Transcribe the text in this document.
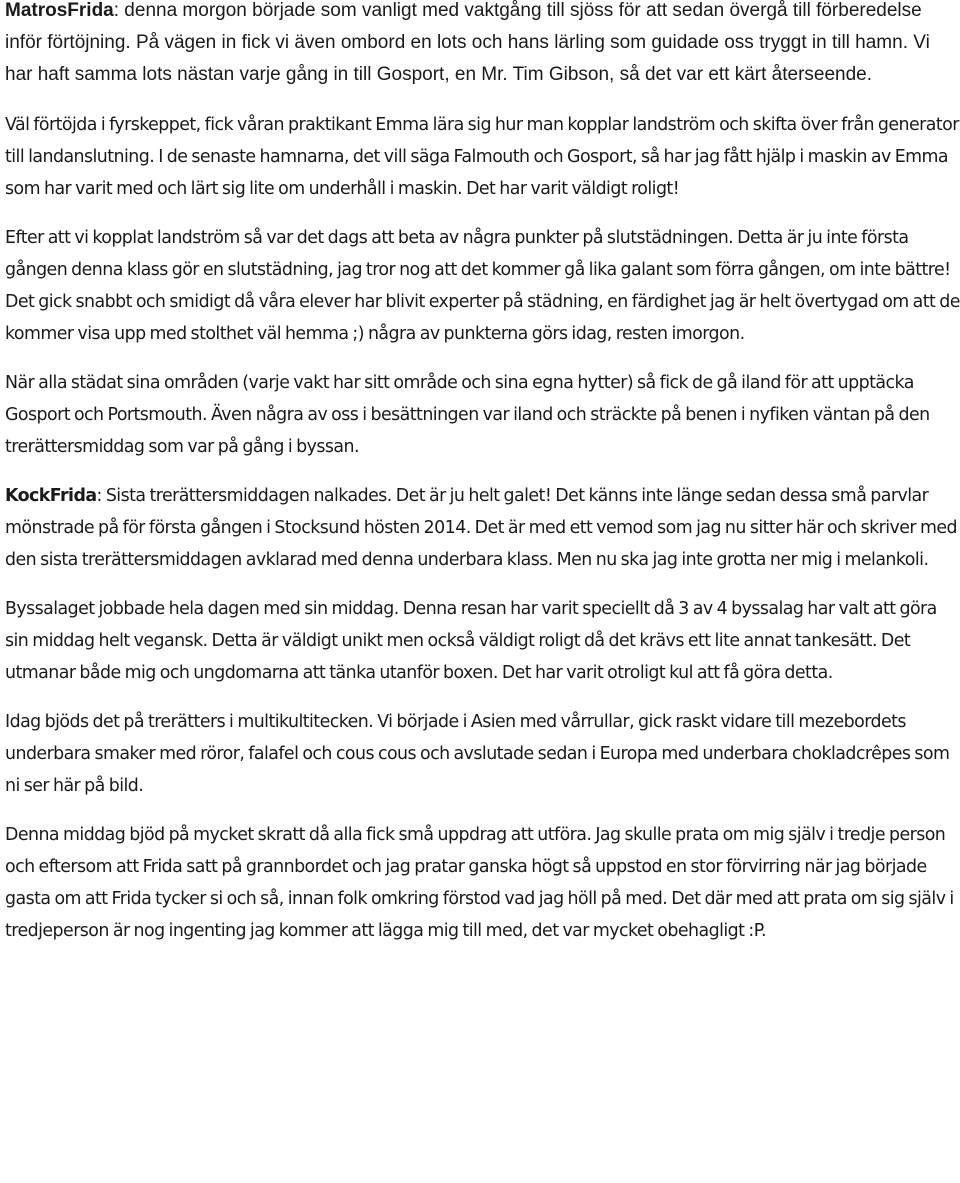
MatrosFrida: denna morgon började som vanligt med vaktgång till sjöss för att sedan övergå till förberedelse inför förtöjning. På vägen in fick vi även ombord en lots och hans lärling som guidade oss tryggt in till hamn. Vi har haft samma lots nästan varje gång in till Gosport, en Mr. Tim Gibson, så det var ett kärt återseende.

Väl förtöjda i fyrskeppet, fick våran praktikant Emma lära sig hur man kopplar landström och skifta över från generator till landanslutning. I de senaste hamnarna, det vill säga Falmouth och Gosport, så har jag fått hjälp i maskin av Emma som har varit med och lärt sig lite om underhåll i maskin. Det har varit väldigt roligt!

Efter att vi kopplat landström så var det dags att beta av några punkter på slutstädningen. Detta är ju inte första gången denna klass gör en slutstädning, jag tror nog att det kommer gå lika galant som förra gången, om inte bättre! Det gick snabbt och smidigt då våra elever har blivit experter på städning, en färdighet jag är helt övertygad om att de kommer visa upp med stolthet väl hemma ;) några av punkterna görs idag, resten imorgon.

När alla städat sina områden (varje vakt har sitt område och sina egna hytter) så fick de gå iland för att upptäcka Gosport och Portsmouth. Även några av oss i besättningen var iland och sträckte på benen i nyfiken väntan på den trerättersmiddag som var på gång i byssan.

KockFrida: Sista trerättersmiddagen nalkades. Det är ju helt galet! Det känns inte länge sedan dessa små parvlar mönstrade på för första gången i Stocksund hösten 2014. Det är med ett vemod som jag nu sitter här och skriver med den sista trerättersmiddagen avklarad med denna underbara klass. Men nu ska jag inte grotta ner mig i melankoli.

Byssalaget jobbade hela dagen med sin middag. Denna resan har varit speciellt då 3 av 4 byssalag har valt att göra sin middag helt vegansk. Detta är väldigt unikt men också väldigt roligt då det krävs ett lite annat tankesätt. Det utmanar både mig och ungdomarna att tänka utanför boxen. Det har varit otroligt kul att få göra detta.

Idag bjöds det på trerätters i multikultitecken. Vi började i Asien med vårrullar, gick raskt vidare till mezebordets underbara smaker med röror, falafel och cous cous och avslutade sedan i Europa med underbara chokladcrêpes som ni ser här på bild.

Denna middag bjöd på mycket skratt då alla fick små uppdrag att utföra. Jag skulle prata om mig själv i tredje person och eftersom att Frida satt på grannbordet och jag pratar ganska högt så uppstod en stor förvirring när jag började gasta om att Frida tycker si och så, innan folk omkring förstod vad jag höll på med. Det där med att prata om sig själv i tredjeperson är nog ingenting jag kommer att lägga mig till med, det var mycket obehagligt :P.
